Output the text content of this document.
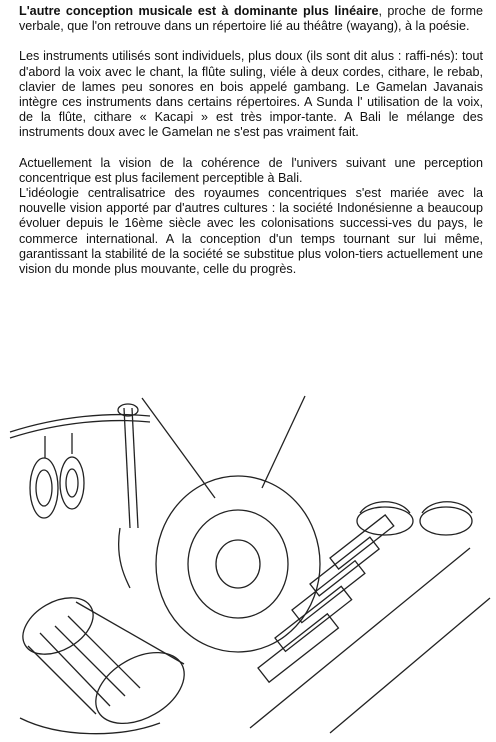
L'autre conception musicale est à dominante plus linéaire, proche de forme verbale, que l'on retrouve dans un répertoire lié au théâtre (wayang), à la poésie.

Les instruments utilisés sont individuels, plus doux (ils sont dit alus : raffi-nés): tout d'abord la voix avec le chant, la flûte suling, viéle à deux cordes, cithare, le rebab, clavier de lames peu sonores en bois appelé gambang. Le Gamelan Javanais intègre ces instruments dans certains répertoires. A Sunda l' utilisation de la voix, de la flûte, cithare « Kacapi » est très impor-tante. A Bali le mélange des instruments doux avec le Gamelan ne s'est pas vraiment fait.

Actuellement la vision de la cohérence de l'univers suivant une perception concentrique est plus facilement perceptible à Bali.

L'idéologie centralisatrice des royaumes concentriques s'est mariée avec la nouvelle vision apporté par d'autres cultures : la société Indonésienne a beaucoup évoluer depuis le 16ème siècle avec les colonisations successi-ves du pays, le commerce international. A la conception d'un temps tournant sur lui même, garantissant la stabilité de la société se substitue plus volon-tiers actuellement une vision du monde plus mouvante, celle du progrès.
